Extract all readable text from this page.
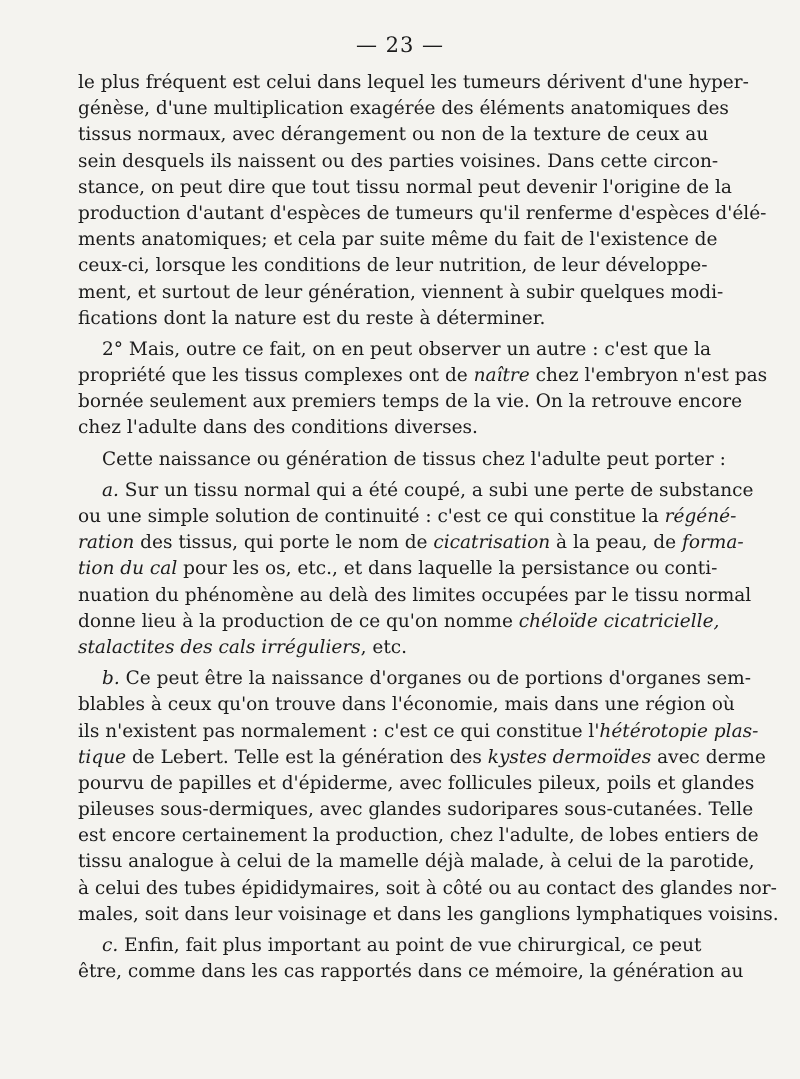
— 23 —
le plus fréquent est celui dans lequel les tumeurs dérivent d'une hyper-
génèse, d'une multiplication exagérée des éléments anatomiques des
tissus normaux, avec dérangement ou non de la texture de ceux au
sein desquels ils naissent ou des parties voisines. Dans cette circon-
stance, on peut dire que tout tissu normal peut devenir l'origine de la
production d'autant d'espèces de tumeurs qu'il renferme d'espèces d'élé-
ments anatomiques; et cela par suite même du fait de l'existence de
ceux-ci, lorsque les conditions de leur nutrition, de leur développe-
ment, et surtout de leur génération, viennent à subir quelques modi-
fications dont la nature est du reste à déterminer.
2° Mais, outre ce fait, on en peut observer un autre : c'est que la
propriété que les tissus complexes ont de naître chez l'embryon n'est pas
bornée seulement aux premiers temps de la vie. On la retrouve encore
chez l'adulte dans des conditions diverses.
Cette naissance ou génération de tissus chez l'adulte peut porter :
a. Sur un tissu normal qui a été coupé, a subi une perte de substance
ou une simple solution de continuité : c'est ce qui constitue la régéné-
ration des tissus, qui porte le nom de cicatrisation à la peau, de forma-
tion du cal pour les os, etc., et dans laquelle la persistance ou conti-
nuation du phénomène au delà des limites occupées par le tissu normal
donne lieu à la production de ce qu'on nomme chéloïde cicatricielle,
stalactites des cals irréguliers, etc.
b. Ce peut être la naissance d'organes ou de portions d'organes sem-
blables à ceux qu'on trouve dans l'économie, mais dans une région où
ils n'existent pas normalement : c'est ce qui constitue l'hétérotopie plas-
tique de Lebert. Telle est la génération des kystes dermoïdes avec derme
pourvu de papilles et d'épiderme, avec follicules pileux, poils et glandes
pileuses sous-dermiques, avec glandes sudoripares sous-cutanées. Telle
est encore certainement la production, chez l'adulte, de lobes entiers de
tissu analogue à celui de la mamelle déjà malade, à celui de la parotide,
à celui des tubes épididymaires, soit à côté ou au contact des glandes nor-
males, soit dans leur voisinage et dans les ganglions lymphatiques voisins.
c. Enfin, fait plus important au point de vue chirurgical, ce peut
être, comme dans les cas rapportés dans ce mémoire, la génération au
